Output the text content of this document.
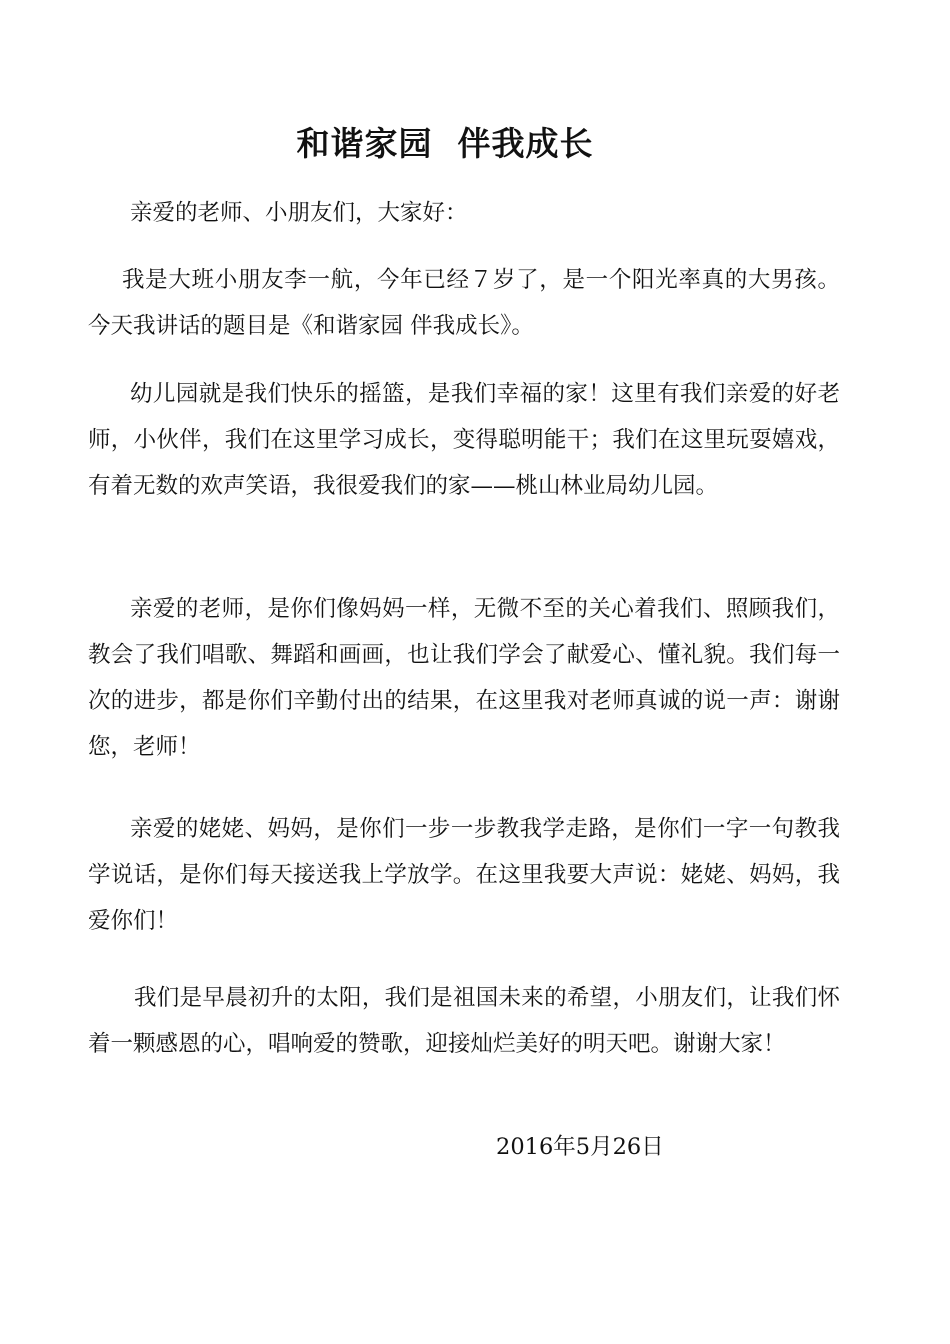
和谐家园  伴我成长
亲爱的老师、小朋友们，大家好：
我是大班小朋友李一航，今年已经７岁了，是一个阳光率真的大男孩。今天我讲话的题目是《和谐家园 伴我成长》。
幼儿园就是我们快乐的摇篮，是我们幸福的家！这里有我们亲爱的好老师，小伙伴，我们在这里学习成长，变得聪明能干；我们在这里玩耍嬉戏，有着无数的欢声笑语，我很爱我们的家——桃山林业局幼儿园。
亲爱的老师，是你们像妈妈一样，无微不至的关心着我们、照顾我们，教会了我们唱歌、舞蹈和画画，也让我们学会了献爱心、懂礼貌。我们每一次的进步，都是你们辛勤付出的结果，在这里我对老师真诚的说一声：谢谢您，老师！
亲爱的姥姥、妈妈，是你们一步一步教我学走路，是你们一字一句教我学说话，是你们每天接送我上学放学。在这里我要大声说：姥姥、妈妈，我爱你们！
我们是早晨初升的太阳，我们是祖国未来的希望，小朋友们，让我们怀着一颗感恩的心，唱响爱的赞歌，迎接灿烂美好的明天吧。谢谢大家！
2016年5月26日
